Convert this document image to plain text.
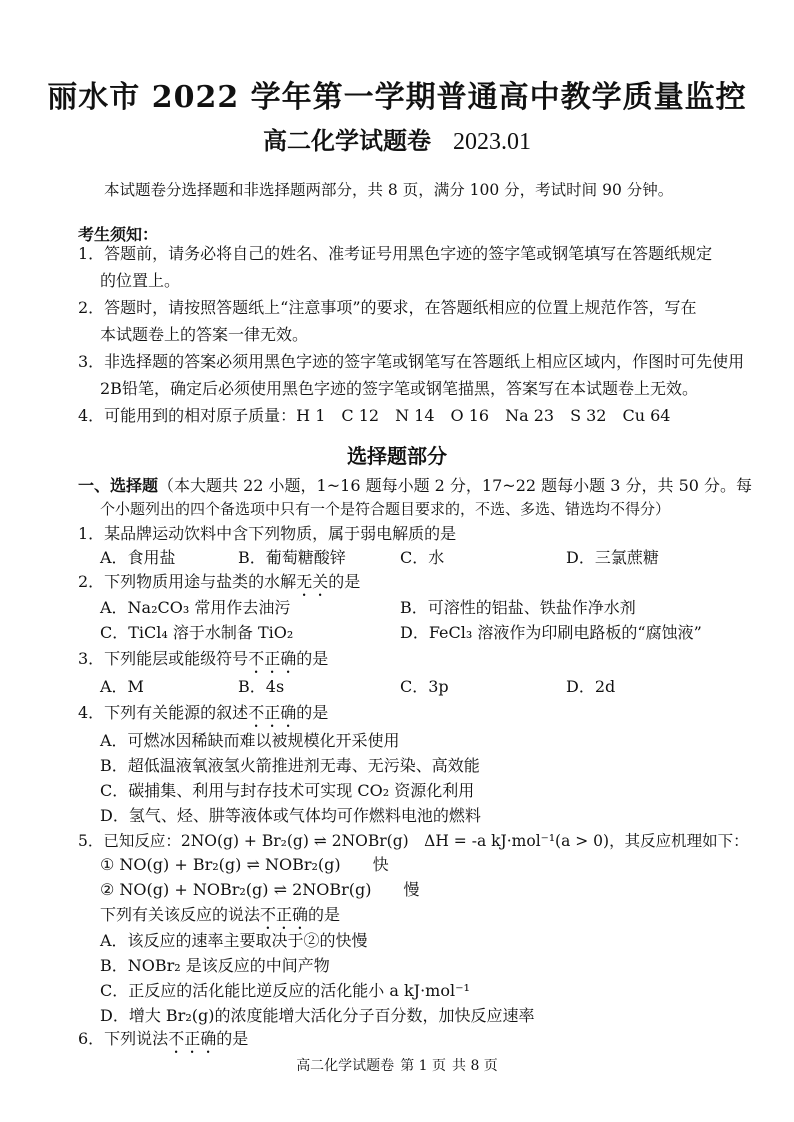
丽水市 2022 学年第一学期普通高中教学质量监控
高二化学试题卷 2023.01
本试题卷分选择题和非选择题两部分，共 8 页，满分 100 分，考试时间 90 分钟。
考生须知：
1．答题前，请务必将自己的姓名、准考证号用黑色字迹的签字笔或钢笔填写在答题纸规定
的位置上。
2．答题时，请按照答题纸上“注意事项”的要求，在答题纸相应的位置上规范作答，写在
本试题卷上的答案一律无效。
3．非选择题的答案必须用黑色字迹的签字笔或钢笔写在答题纸上相应区域内，作图时可先使用
2B铅笔，确定后必须使用黑色字迹的签字笔或钢笔描黑，答案写在本试题卷上无效。
4．可能用到的相对原子质量：H 1　C 12　N 14　O 16　Na 23　S 32　Cu 64
选择题部分
一、选择题（本大题共 22 小题，1~16 题每小题 2 分，17~22 题每小题 3 分，共 50 分。每
个小题列出的四个备选项中只有一个是符合题目要求的，不选、多选、错选均不得分）
1．某品牌运动饮料中含下列物质，属于弱电解质的是
A．食用盐	B．葡萄糖酸锌	C．水	D．三氯蔗糖
2．下列物质用途与盐类的水解无关的是
A．Na₂CO₃ 常用作去油污	B．可溶性的铝盐、铁盐作净水剂
C．TiCl₄ 溶于水制备 TiO₂	D．FeCl₃ 溶液作为印刷电路板的“腐蚀液”
3．下列能层或能级符号不正确的是
A．M	B．4s	C．3p	D．2d
4．下列有关能源的叙述不正确的是
A．可燃冰因稀缺而难以被规模化开采使用
B．超低温液氧液氢火箭推进剂无毒、无污染、高效能
C．碳捕集、利用与封存技术可实现 CO₂ 资源化利用
D．氢气、烃、肼等液体或气体均可作燃料电池的燃料
5．已知反应：2NO(g) + Br₂(g) ⇌ 2NOBr(g)　ΔH = -a kJ·mol⁻¹(a > 0)，其反应机理如下：
① NO(g) + Br₂(g) ⇌ NOBr₂(g)　　快
② NO(g) + NOBr₂(g) ⇌ 2NOBr(g)　　慢
下列有关该反应的说法不正确的是
A．该反应的速率主要取决于②的快慢
B．NOBr₂ 是该反应的中间产物
C．正反应的活化能比逆反应的活化能小 a kJ·mol⁻¹
D．增大 Br₂(g)的浓度能增大活化分子百分数，加快反应速率
6．下列说法不正确的是
高二化学试题卷 第 1 页 共 8 页
